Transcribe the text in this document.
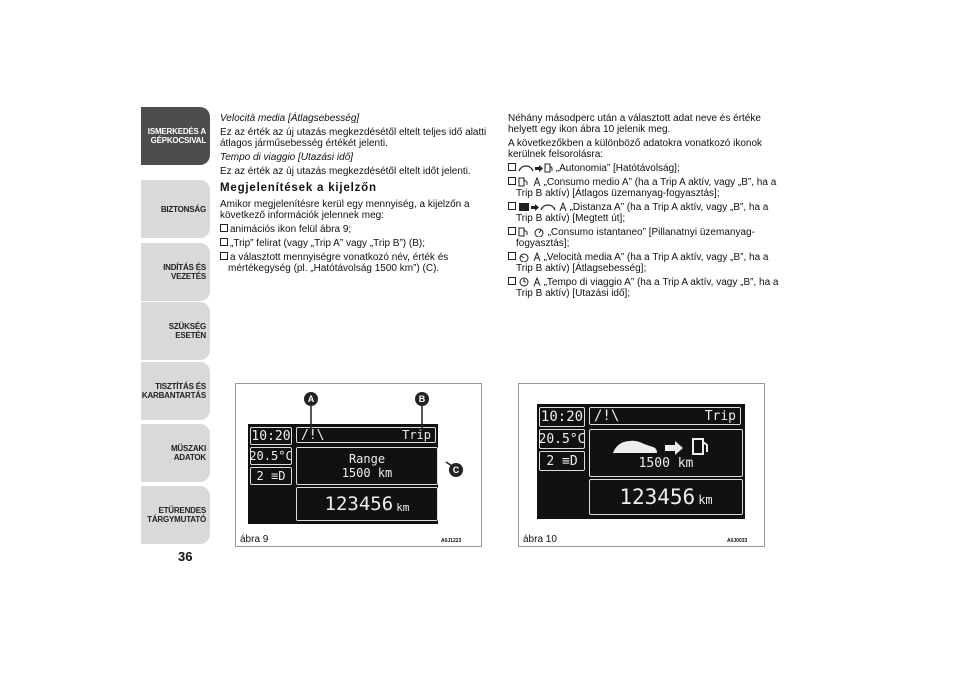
ISMERKEDÉS A GÉPKOCSIVAL
BIZTONSÁG
INDÍTÁS ÉS VEZETÉS
SZÜKSÉG ESETÉN
TISZTÍTÁS ÉS KARBANTARTÁS
MŰSZAKI ADATOK
ETŰRENDES TÁRGYMUTATÓ
36

Velocità media [Átlagsebesség]

Ez az érték az új utazás megkezdésétől eltelt teljes idő alatti átlagos járműsebesség értékét jelenti.

Tempo di viaggio [Utazási idő]

Ez az érték az új utazás megkezdésétől eltelt időt jelenti.

Megjelenítések a kijelzőn

Amikor megjelenítésre kerül egy mennyiség, a kijelzőn a következő információk jelennek meg:

animációs ikon felül ábra 9;

„Trip” felirat (vagy „Trip A” vagy „Trip B”) (B);

a választott mennyiségre vonatkozó név, érték és mértékegység (pl. „Hatótávolság 1500 km”) (C).

Néhány másodperc után a választott adat neve és értéke helyett egy ikon ábra 10 jelenik meg.

A következőkben a különböző adatokra vonatkozó ikonok kerülnek felsorolásra:

„Autonomia” [Hatótávolság];

„Consumo medio A” (ha a Trip A aktív, vagy „B”, ha a Trip B aktív) [Átlagos üzemanyag-fogyasztás];

„Distanza A” (ha a Trip A aktív, vagy „B”, ha a Trip B aktív) [Megtett út];

„Consumo istantaneo” [Pillanatnyi üzemanyag-fogyasztás];

„Velocità media A” (ha a Trip A aktív, vagy „B”, ha a Trip B aktív) [Átlagsebesség];

„Tempo di viaggio A” (ha a Trip A aktív, vagy „B”, ha a Trip B aktív) [Utazási idő];

10:20
20.5°C
2 ≡D
/!\	Trip
Range
1500 km
123456 km
A	B
C
ábra 9	A0J1223
10:20
20.5°C
2 ≡D
/!\	Trip
1500 km
123456 km
ábra 10	A0J0033
